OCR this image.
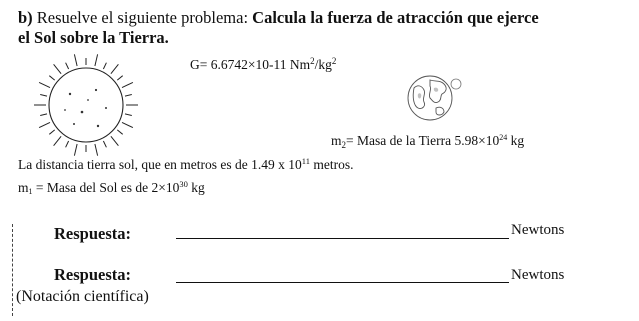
b) Resuelve el siguiente problema: Calcula la fuerza de atracción que ejerce
el Sol sobre la Tierra.
G= 6.6742×10-11 $Nm^2/kg^2$
$m_2=$ Masa de la Tierra $5.98\times 10^{24}$ kg
La distancia tierra sol, que en metros es de 1.49 x $10^{11}$ metros.
$m_1$ = Masa del Sol es de $2\times 10^{30}$ kg
Respuesta:	Newtons
Respuesta:	Newtons
(Notación científica)
